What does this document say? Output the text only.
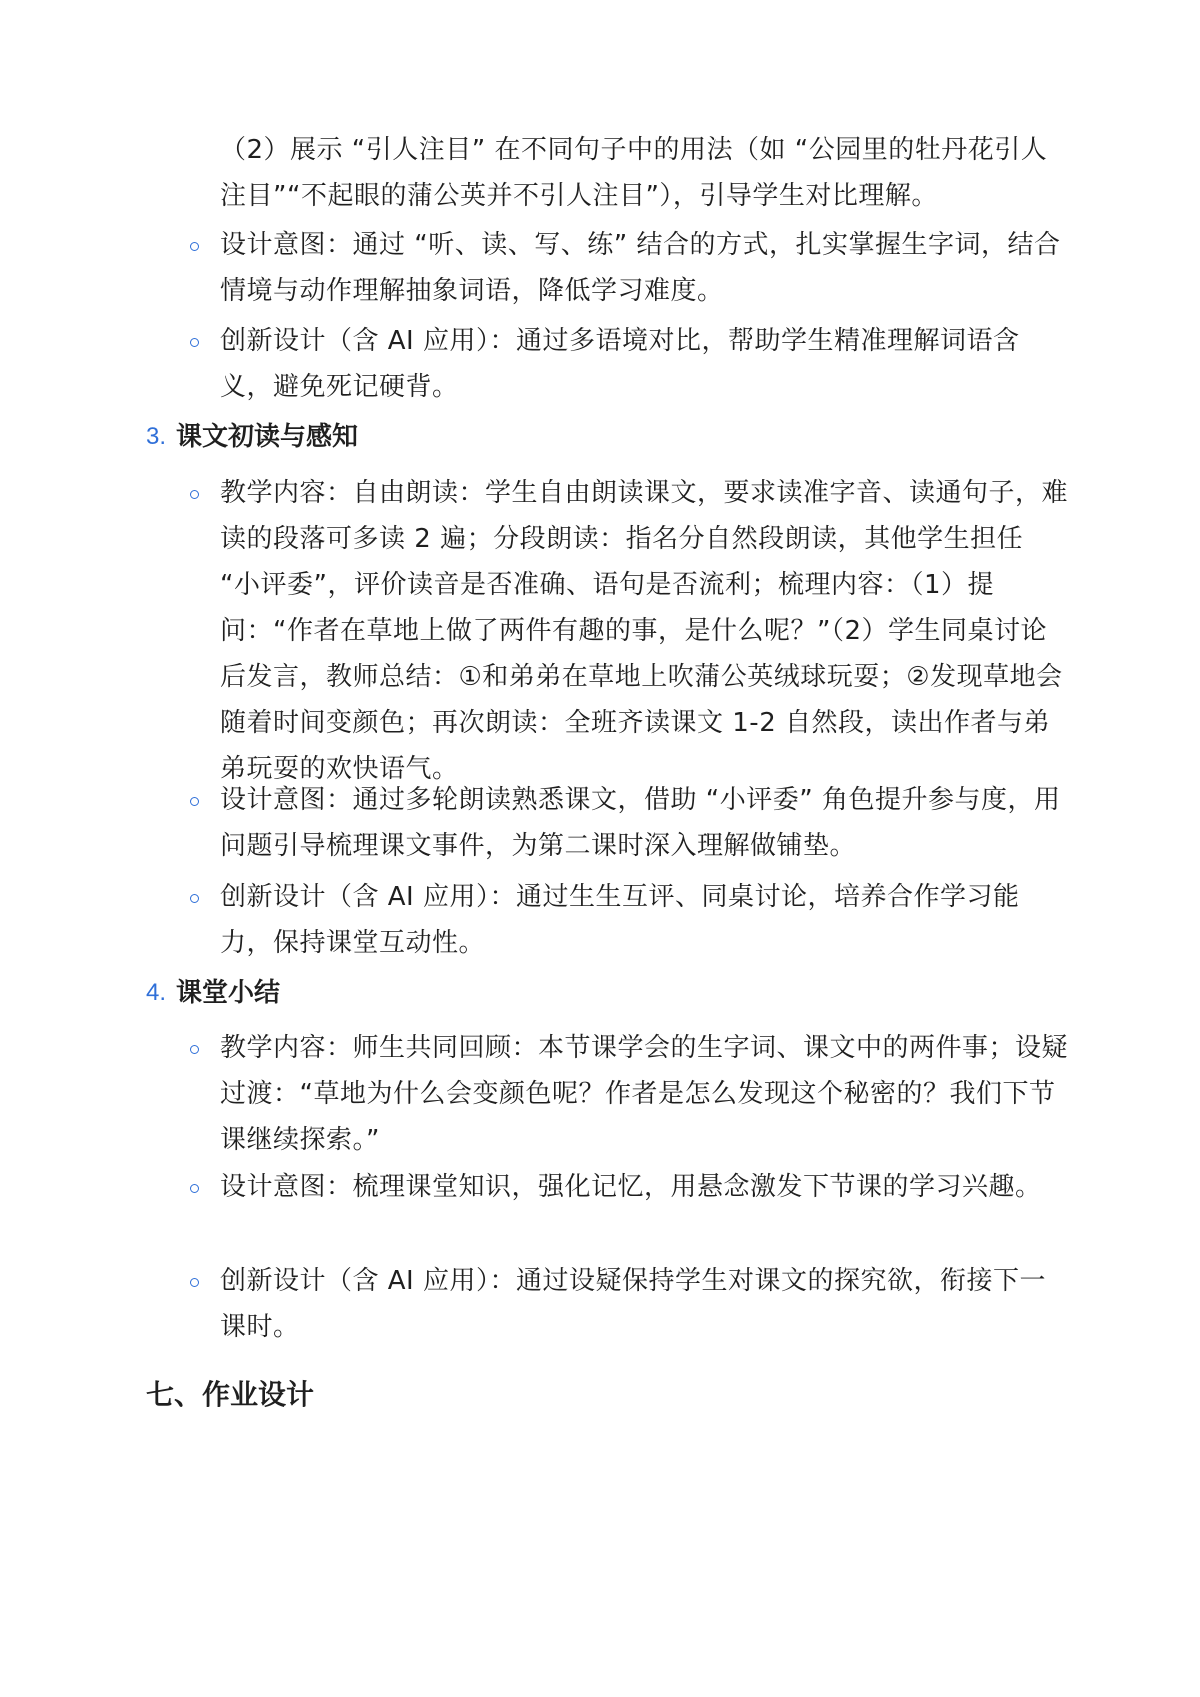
（2）展示 “引人注目” 在不同句子中的用法（如 “公园里的牡丹花引人注目”“不起眼的蒲公英并不引人注目”），引导学生对比理解。
设计意图：通过 “听、读、写、练” 结合的方式，扎实掌握生字词，结合情境与动作理解抽象词语，降低学习难度。
创新设计（含 AI 应用）：通过多语境对比，帮助学生精准理解词语含义，避免死记硬背。
3. 课文初读与感知
教学内容：自由朗读：学生自由朗读课文，要求读准字音、读通句子，难读的段落可多读 2 遍；分段朗读：指名分自然段朗读，其他学生担任 “小评委”，评价读音是否准确、语句是否流利；梳理内容：（1）提问：“作者在草地上做了两件有趣的事，是什么呢？”（2）学生同桌讨论后发言，教师总结：①和弟弟在草地上吹蒲公英绒球玩耍；②发现草地会随着时间变颜色；再次朗读：全班齐读课文 1-2 自然段，读出作者与弟弟玩耍的欢快语气。
设计意图：通过多轮朗读熟悉课文，借助 “小评委” 角色提升参与度，用问题引导梳理课文事件，为第二课时深入理解做铺垫。
创新设计（含 AI 应用）：通过生生互评、同桌讨论，培养合作学习能力，保持课堂互动性。
4. 课堂小结
教学内容：师生共同回顾：本节课学会的生字词、课文中的两件事；设疑过渡：“草地为什么会变颜色呢？作者是怎么发现这个秘密的？我们下节课继续探索。”
设计意图：梳理课堂知识，强化记忆，用悬念激发下节课的学习兴趣。
创新设计（含 AI 应用）：通过设疑保持学生对课文的探究欲，衔接下一课时。
七、作业设计
